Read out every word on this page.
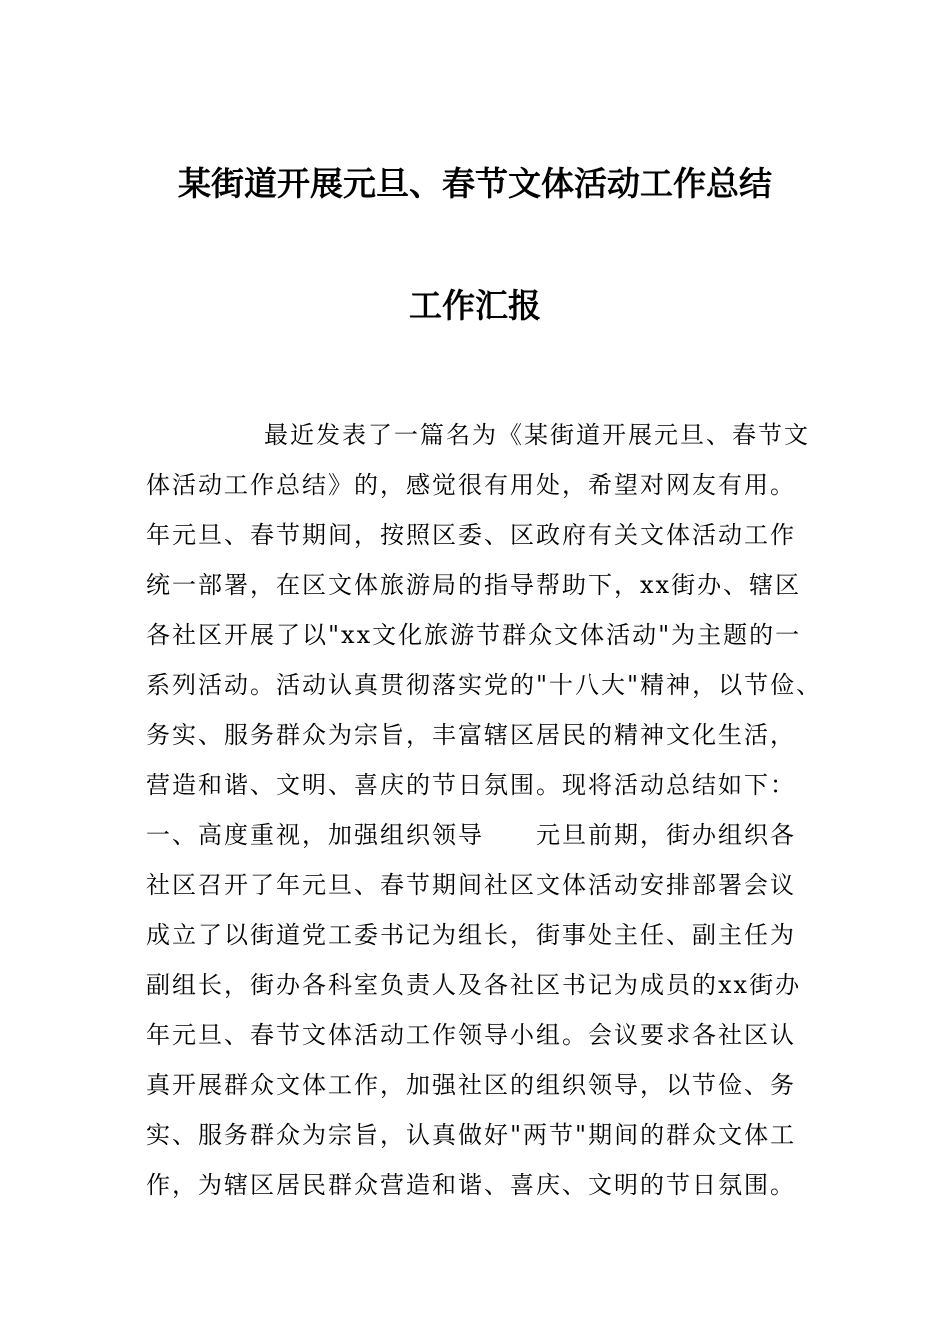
某街道开展元旦、春节文体活动工作总结
工作汇报
最近发表了一篇名为《某街道开展元旦、春节文
体活动工作总结》的，感觉很有用处，希望对网友有用。
年元旦、春节期间，按照区委、区政府有关文体活动工作
统一部署，在区文体旅游局的指导帮助下，xx街办、辖区
各社区开展了以"xx文化旅游节群众文体活动"为主题的一
系列活动。活动认真贯彻落实党的"十八大"精神，以节俭、
务实、服务群众为宗旨，丰富辖区居民的精神文化生活，
营造和谐、文明、喜庆的节日氛围。现将活动总结如下：
一、高度重视，加强组织领导　　元旦前期，街办组织各
社区召开了年元旦、春节期间社区文体活动安排部署会议
成立了以街道党工委书记为组长，街事处主任、副主任为
副组长，街办各科室负责人及各社区书记为成员的xx街办
年元旦、春节文体活动工作领导小组。会议要求各社区认
真开展群众文体工作，加强社区的组织领导，以节俭、务
实、服务群众为宗旨，认真做好"两节"期间的群众文体工
作，为辖区居民群众营造和谐、喜庆、文明的节日氛围。
